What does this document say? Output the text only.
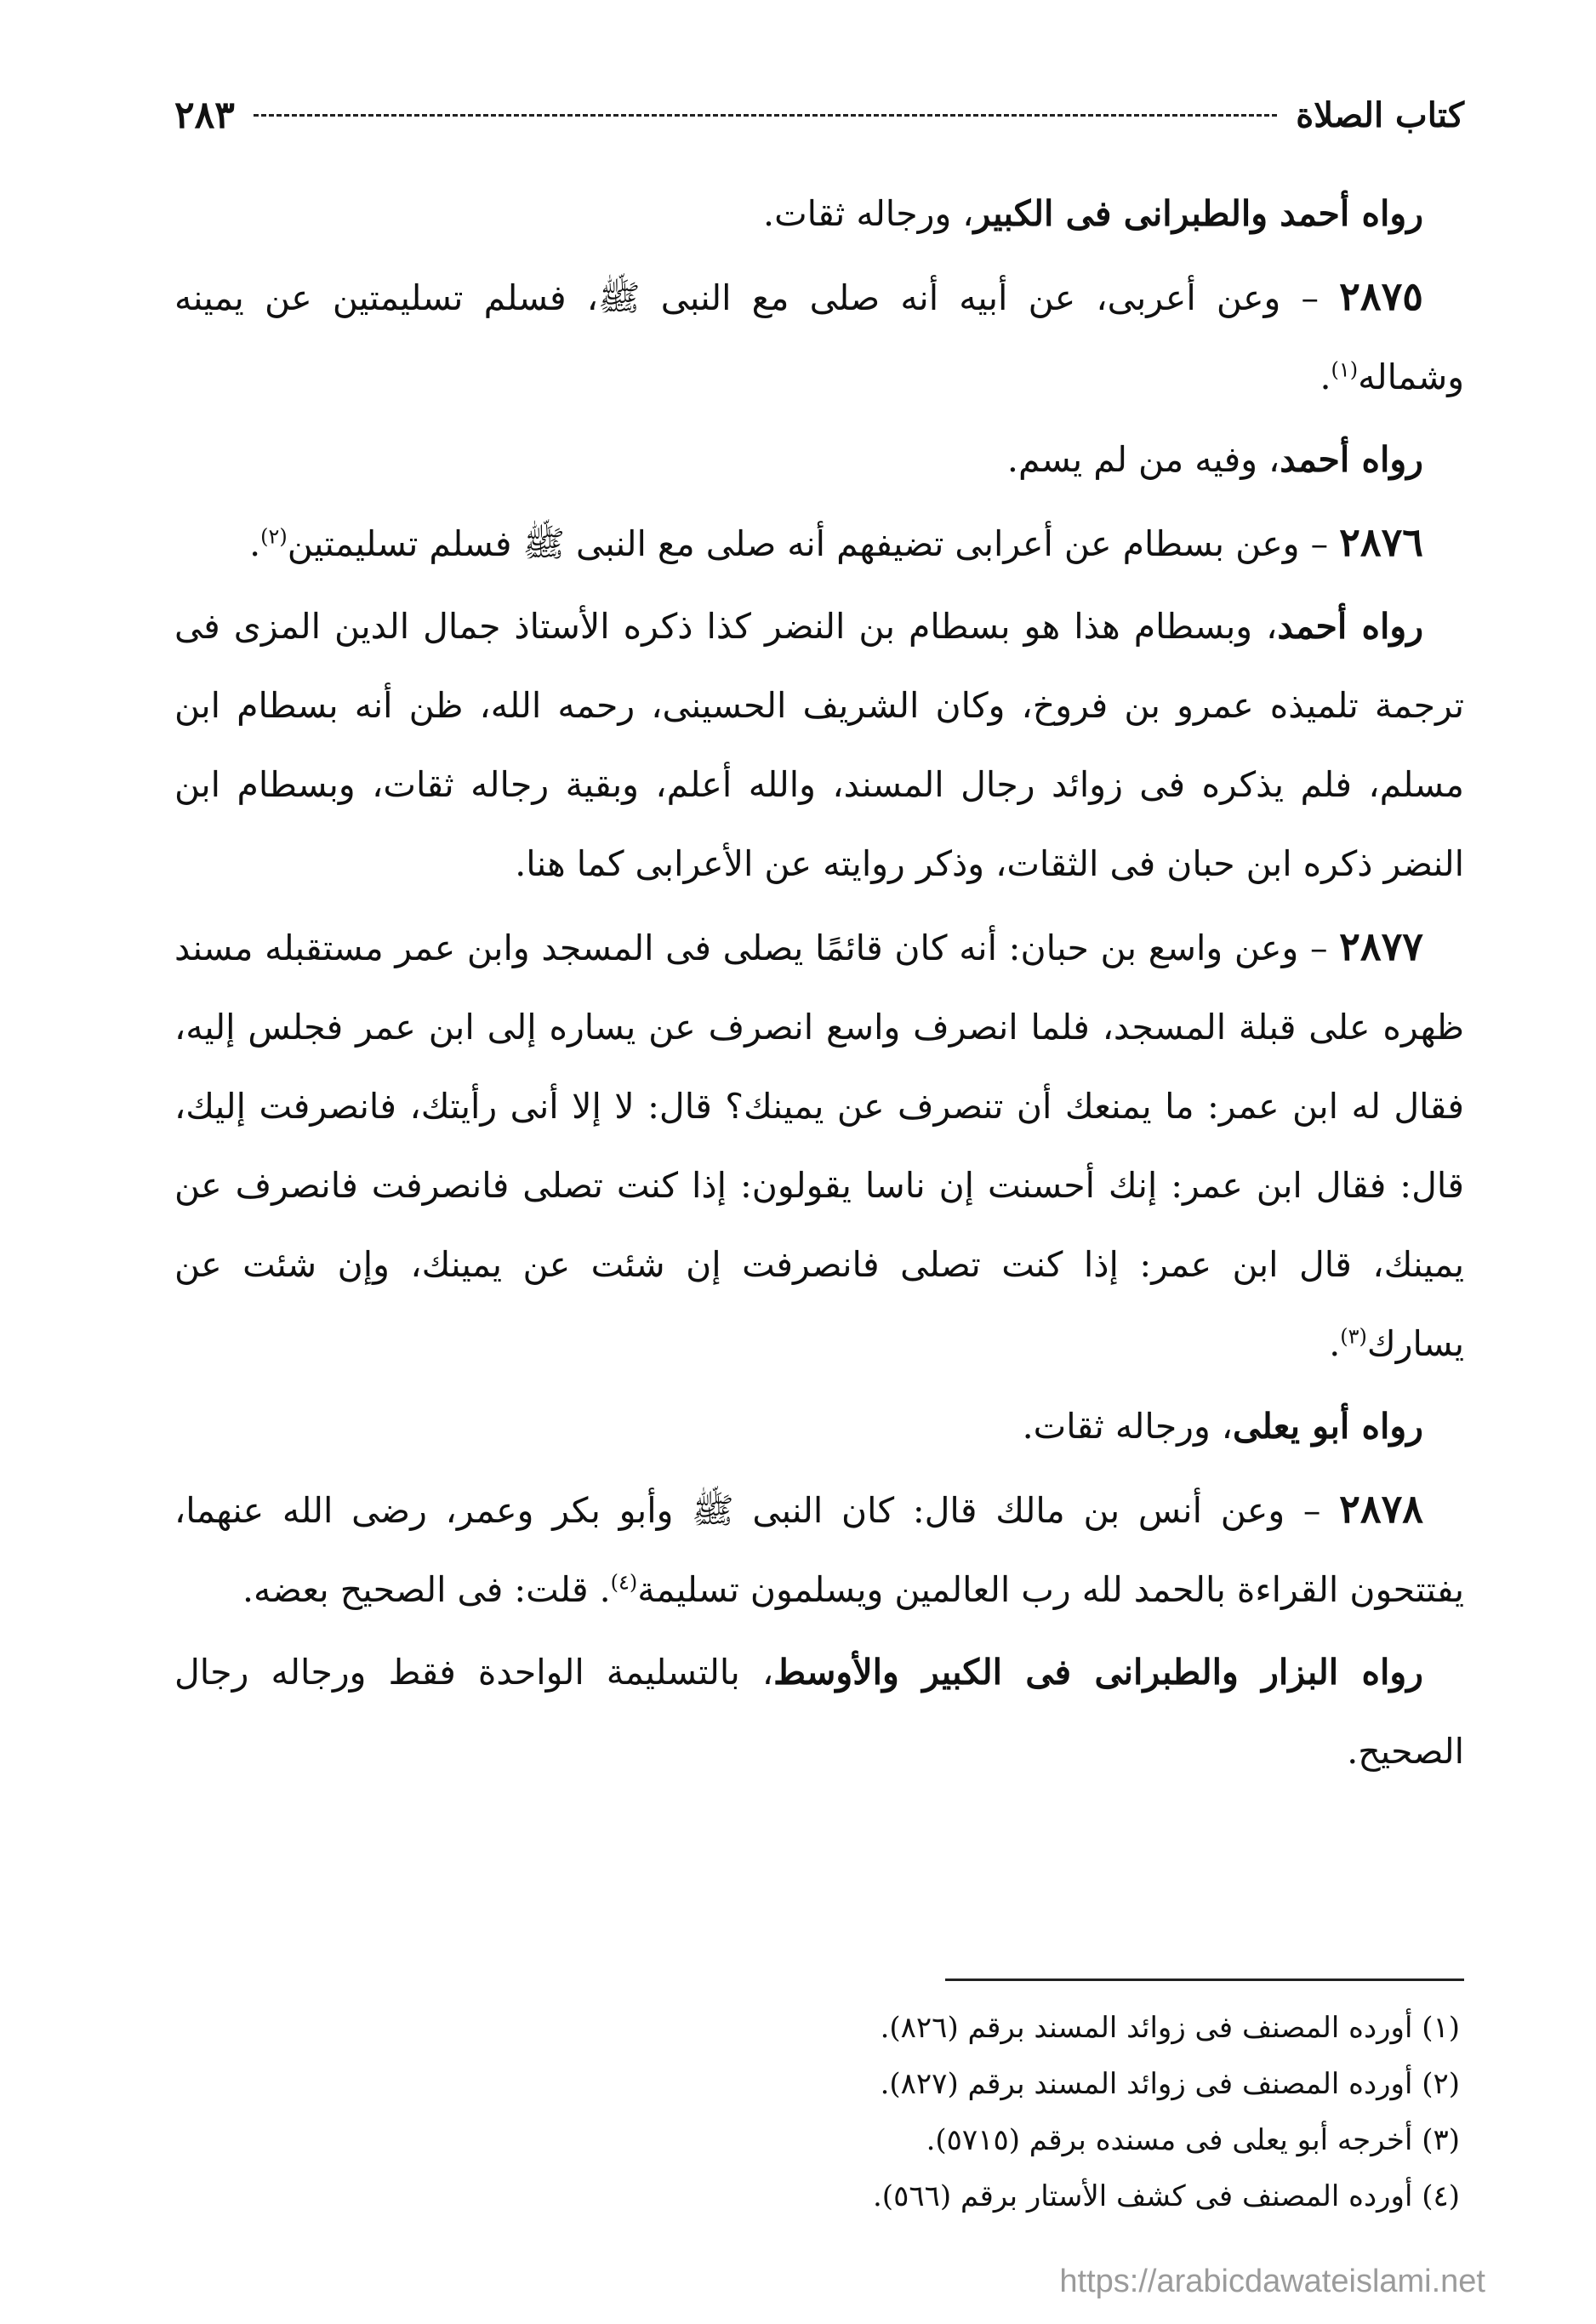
كتاب الصلاة
٢٨٣

رواه أحمد والطبرانى فى الكبير، ورجاله ثقات.

٢٨٧٥ – وعن أعربى، عن أبيه أنه صلى مع النبى ﷺ، فسلم تسليمتين عن يمينه وشماله$^{(١)}$.

رواه أحمد، وفيه من لم يسم.

٢٨٧٦ – وعن بسطام عن أعرابى تضيفهم أنه صلى مع النبى ﷺ فسلم تسليمتين$^{(٢)}$.

رواه أحمد، وبسطام هذا هو بسطام بن النضر كذا ذكره الأستاذ جمال الدين المزى فى ترجمة تلميذه عمرو بن فروخ، وكان الشريف الحسينى، رحمه الله، ظن أنه بسطام ابن مسلم، فلم يذكره فى زوائد رجال المسند، والله أعلم، وبقية رجاله ثقات، وبسطام ابن النضر ذكره ابن حبان فى الثقات، وذكر روايته عن الأعرابى كما هنا.

٢٨٧٧ – وعن واسع بن حبان: أنه كان قائمًا يصلى فى المسجد وابن عمر مستقبله مسند ظهره على قبلة المسجد، فلما انصرف واسع انصرف عن يساره إلى ابن عمر فجلس إليه، فقال له ابن عمر: ما يمنعك أن تنصرف عن يمينك؟ قال: لا إلا أنى رأيتك، فانصرفت إليك، قال: فقال ابن عمر: إنك أحسنت إن ناسا يقولون: إذا كنت تصلى فانصرفت فانصرف عن يمينك، قال ابن عمر: إذا كنت تصلى فانصرفت إن شئت عن يمينك، وإن شئت عن يسارك$^{(٣)}$.

رواه أبو يعلى، ورجاله ثقات.

٢٨٧٨ – وعن أنس بن مالك قال: كان النبى ﷺ وأبو بكر وعمر، رضى الله عنهما، يفتتحون القراءة بالحمد لله رب العالمين ويسلمون تسليمة$^{(٤)}$. قلت: فى الصحيح بعضه.

رواه البزار والطبرانى فى الكبير والأوسط، بالتسليمة الواحدة فقط ورجاله رجال الصحيح.

(١) أورده المصنف فى زوائد المسند برقم (٨٢٦).

(٢) أورده المصنف فى زوائد المسند برقم (٨٢٧).

(٣) أخرجه أبو يعلى فى مسنده برقم (٥٧١٥).

(٤) أورده المصنف فى كشف الأستار برقم (٥٦٦).

https://arabicdawateislami.net
